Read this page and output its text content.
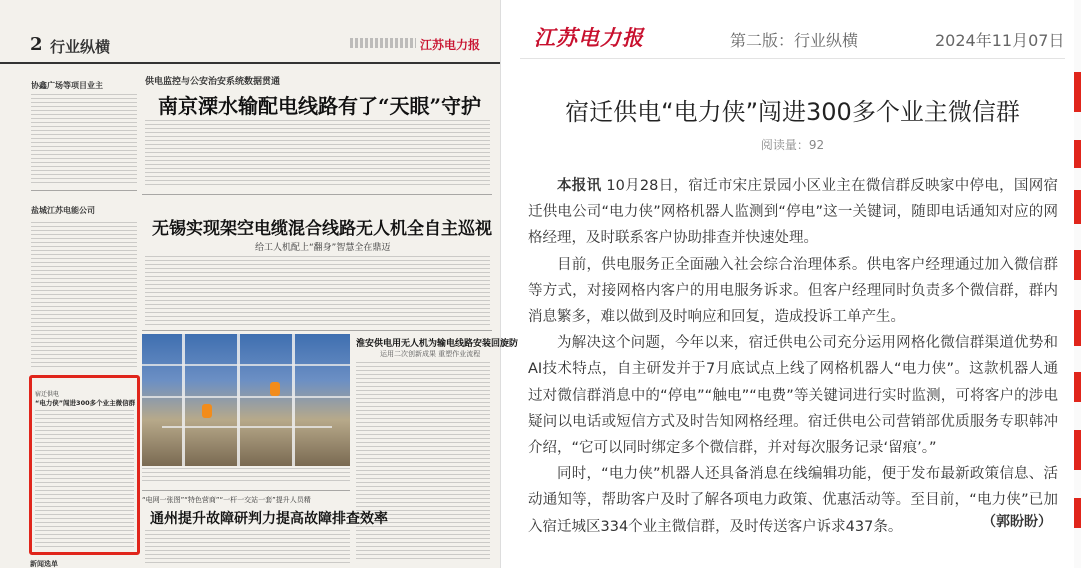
2 行业纵横	江苏电力报
协鑫广场等项目业主
盐城江苏电能公司
宿迁供电
“电力侠”闯进300多个业主微信群
新闻选单
供电监控与公安治安系统数据贯通
南京溧水输配电线路有了“天眼”守护
无锡实现架空电缆混合线路无人机全自主巡视
给工人机配上“翻身”智慧全在鼎迈
淮安供电用无人机为输电线路安装回旋防
运用二次创新成果 重塑作业流程
“电网一张图”“特色营商”“一杆一交站一套”提升人员精
通州提升故障研判力提高故障排查效率
江苏电力报	第二版：行业纵横	2024年11月07日
宿迁供电“电力侠”闯进300多个业主微信群
阅读量：92

本报讯 10月28日，宿迁市宋庄景园小区业主在微信群反映家中停电，国网宿迁供电公司“电力侠”网格机器人监测到“停电”这一关键词，随即电话通知对应的网格经理，及时联系客户协助排查并快速处理。

目前，供电服务正全面融入社会综合治理体系。供电客户经理通过加入微信群等方式，对接网格内客户的用电服务诉求。但客户经理同时负责多个微信群，群内消息繁多，难以做到及时响应和回复，造成投诉工单产生。

为解决这个问题，今年以来，宿迁供电公司充分运用网格化微信群渠道优势和AI技术特点，自主研发并于7月底试点上线了网格机器人“电力侠”。这款机器人通过对微信群消息中的“停电”“触电”“电费”等关键词进行实时监测，可将客户的涉电疑问以电话或短信方式及时告知网格经理。宿迁供电公司营销部优质服务专职韩冲介绍，“它可以同时绑定多个微信群，并对每次服务记录‘留痕’。”

同时，“电力侠”机器人还具备消息在线编辑功能，便于发布最新政策信息、活动通知等，帮助客户及时了解各项电力政策、优惠活动等。至目前，“电力侠”已加入宿迁城区334个业主微信群，及时传送客户诉求437条。	（郭盼盼）
